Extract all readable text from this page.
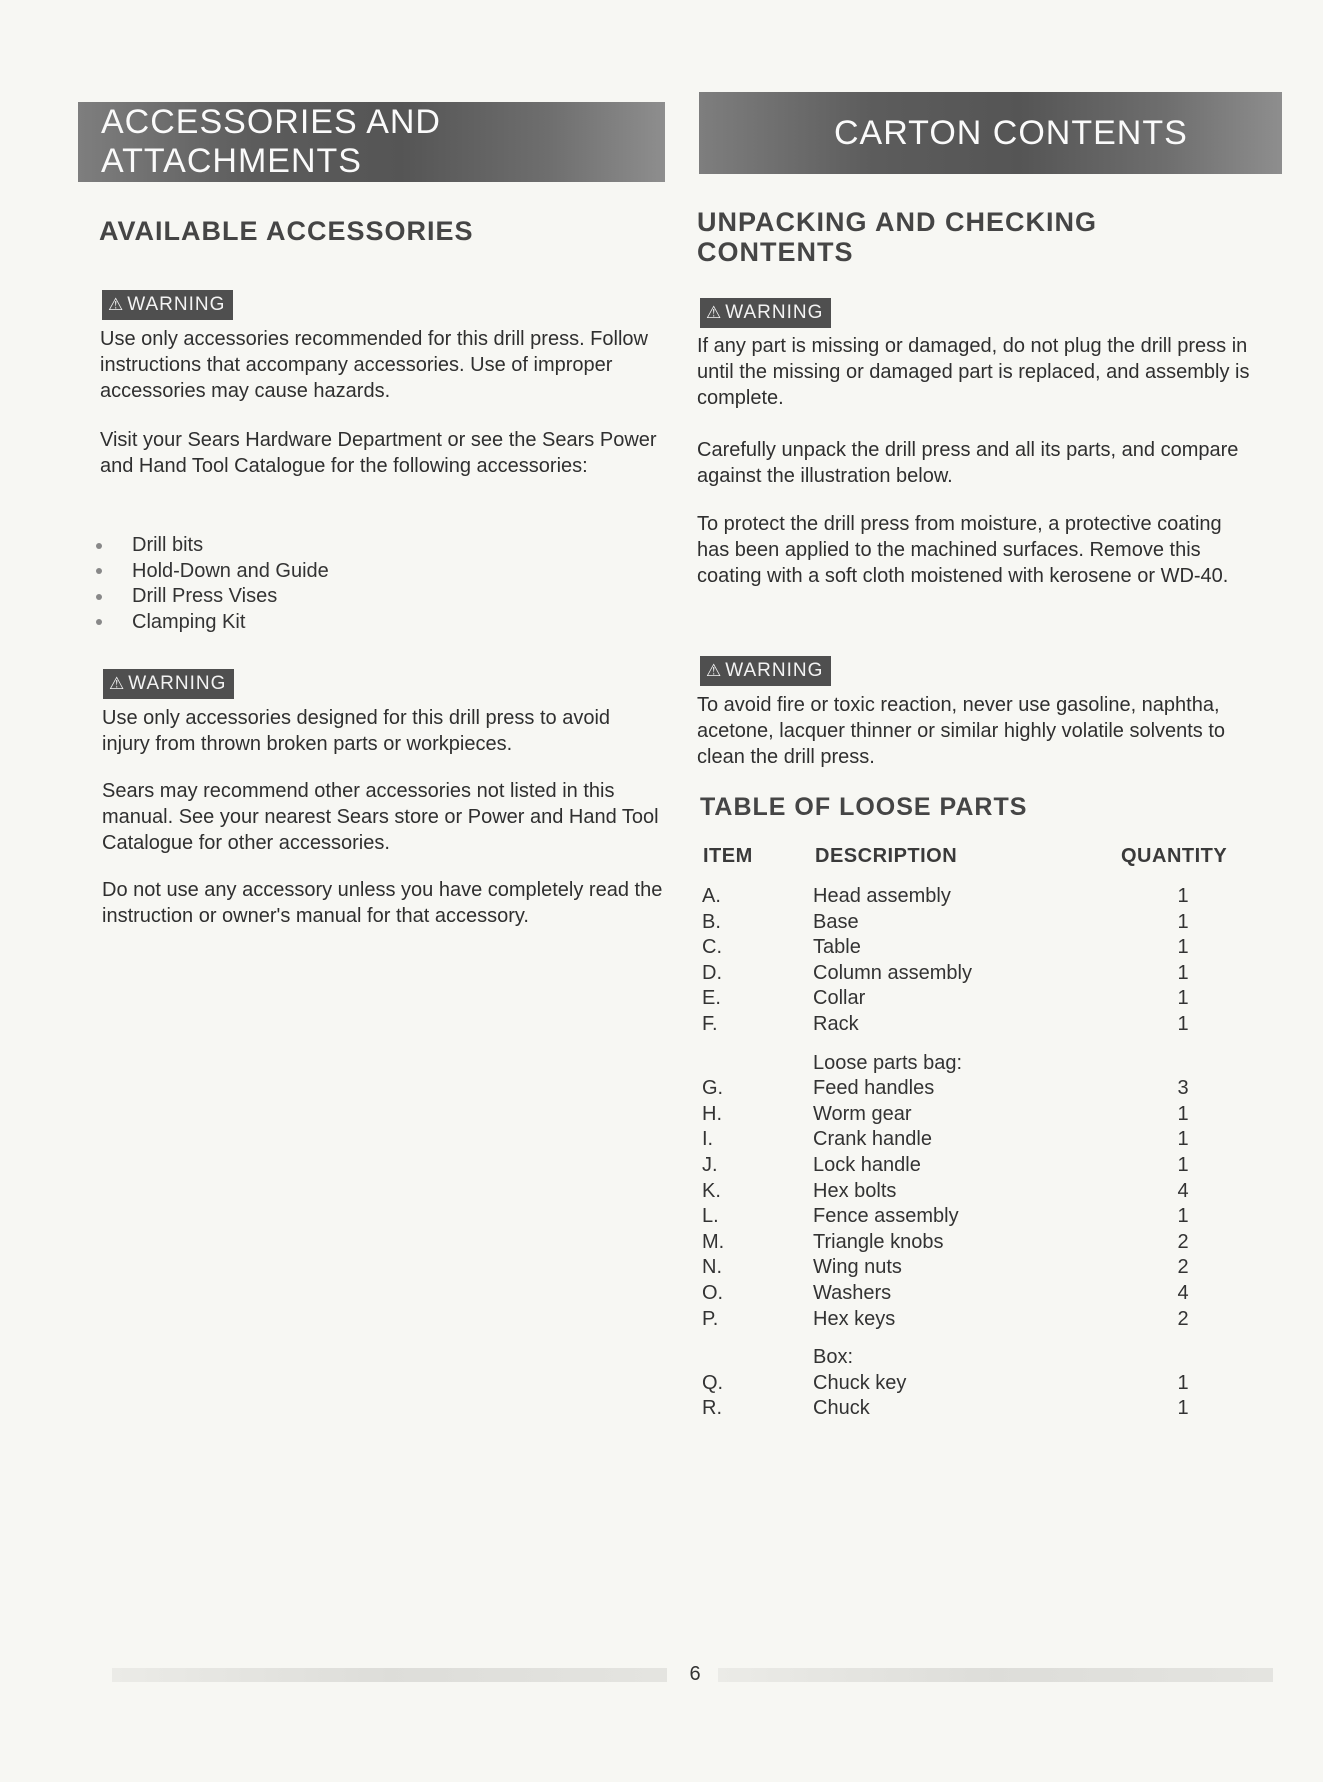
ACCESSORIES AND ATTACHMENTS
CARTON CONTENTS
AVAILABLE ACCESSORIES
⚠ WARNING

Use only accessories recommended for this drill press. Follow instructions that accompany accessories. Use of improper accessories may cause hazards.

Visit your Sears Hardware Department or see the Sears Power and Hand Tool Catalogue for the following accessories:

Drill bits
Hold-Down and Guide
Drill Press Vises
Clamping Kit
⚠ WARNING

Use only accessories designed for this drill press to avoid injury from thrown broken parts or workpieces.

Sears may recommend other accessories not listed in this manual. See your nearest Sears store or Power and Hand Tool Catalogue for other accessories.

Do not use any accessory unless you have completely read the instruction or owner's manual for that accessory.

UNPACKING AND CHECKING
CONTENTS
⚠ WARNING

If any part is missing or damaged, do not plug the drill press in until the missing or damaged part is replaced, and assembly is complete.

Carefully unpack the drill press and all its parts, and compare against the illustration below.

To protect the drill press from moisture, a protective coating has been applied to the machined surfaces. Remove this coating with a soft cloth moistened with kerosene or WD-40.

⚠ WARNING

To avoid fire or toxic reaction, never use gasoline, naphtha, acetone, lacquer thinner or similar highly volatile solvents to clean the drill press.

TABLE OF LOOSE PARTS
ITEM	DESCRIPTION	QUANTITY
A.	Head assembly	1
B.	Base	1
C.	Table	1
D.	Column assembly	1
E.	Collar	1
F.	Rack	1
Loose parts bag:
G.	Feed handles	3
H.	Worm gear	1
I.	Crank handle	1
J.	Lock handle	1
K.	Hex bolts	4
L.	Fence assembly	1
M.	Triangle knobs	2
N.	Wing nuts	2
O.	Washers	4
P.	Hex keys	2
Box:
Q.	Chuck key	1
R.	Chuck	1
6
